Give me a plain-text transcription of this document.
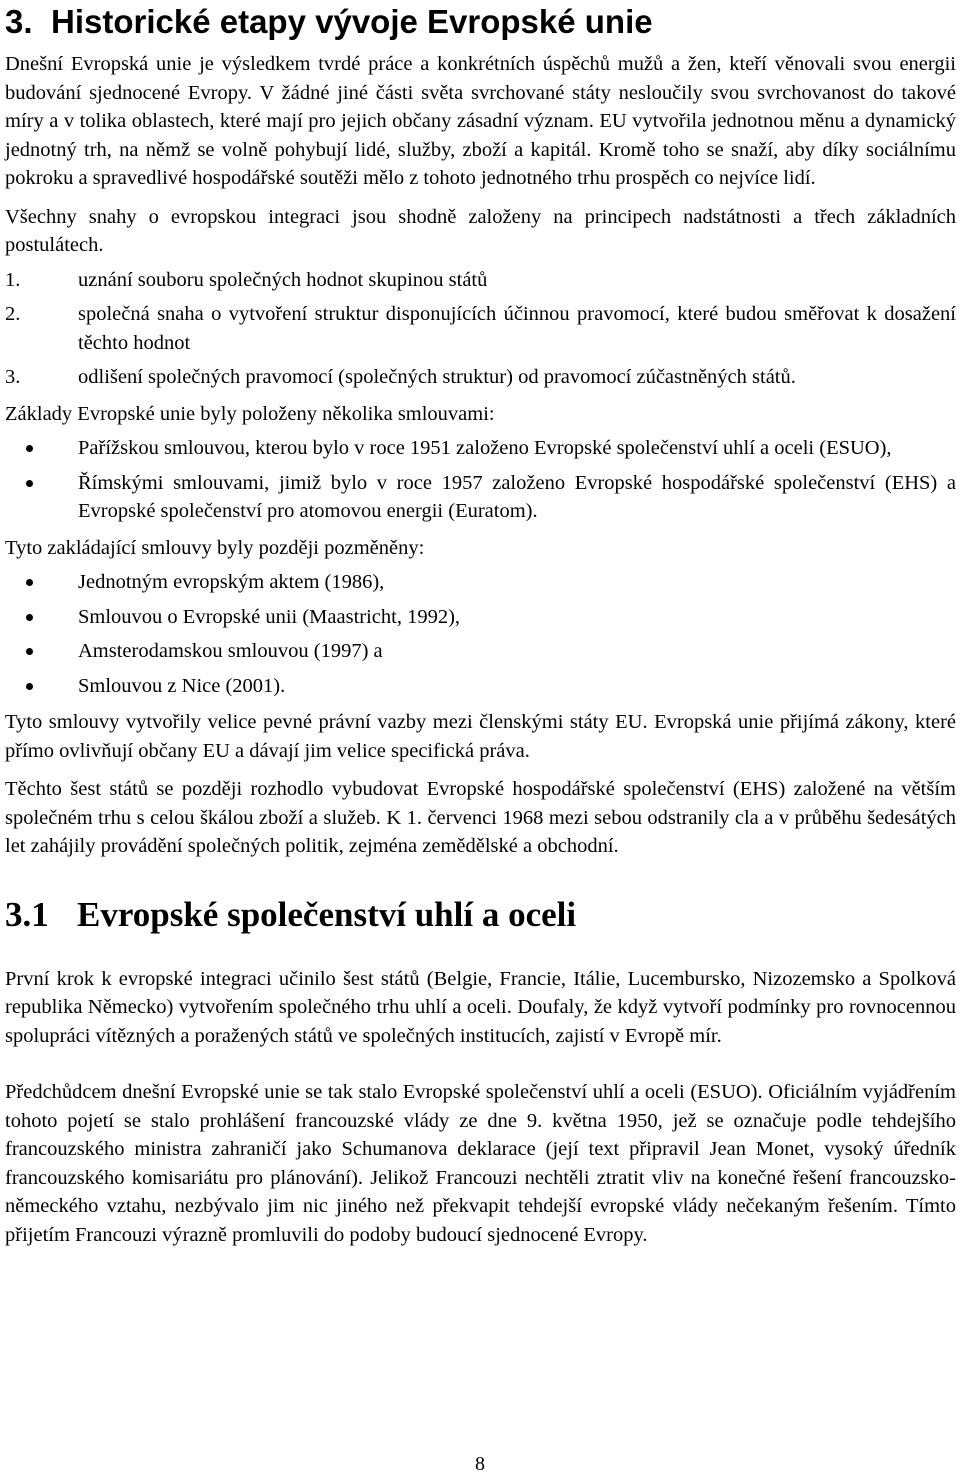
3. Historické etapy vývoje Evropské unie

Dnešní Evropská unie je výsledkem tvrdé práce a konkrétních úspěchů mužů a žen, kteří věnovali svou energii budování sjednocené Evropy. V žádné jiné části světa svrchované státy nesloučily svou svrchovanost do takové míry a v tolika oblastech, které mají pro jejich občany zásadní význam. EU vytvořila jednotnou měnu a dynamický jednotný trh, na němž se volně pohybují lidé, služby, zboží a kapitál. Kromě toho se snaží, aby díky sociálnímu pokroku a spravedlivé hospodářské soutěži mělo z tohoto jednotného trhu prospěch co nejvíce lidí.

Všechny snahy o evropskou integraci jsou shodně založeny na principech nadstátnosti a třech základních postulátech.

1.	uznání souboru společných hodnot skupinou států
2.	společná snaha o vytvoření struktur disponujících účinnou pravomocí, které budou směřovat k dosažení těchto hodnot
3.	odlišení společných pravomocí (společných struktur) od pravomocí zúčastněných států.

Základy Evropské unie byly položeny několika smlouvami:

Pařížskou smlouvou, kterou bylo v roce 1951 založeno Evropské společenství uhlí a oceli (ESUO),
Římskými smlouvami, jimiž bylo v roce 1957 založeno Evropské hospodářské společenství (EHS) a Evropské společenství pro atomovou energii (Euratom).

Tyto zakládající smlouvy byly později pozměněny:

Jednotným evropským aktem (1986),
Smlouvou o Evropské unii (Maastricht, 1992),
Amsterodamskou smlouvou (1997) a
Smlouvou z Nice (2001).

Tyto smlouvy vytvořily velice pevné právní vazby mezi členskými státy EU. Evropská unie přijímá zákony, které přímo ovlivňují občany EU a dávají jim velice specifická práva.

Těchto šest států se později rozhodlo vybudovat Evropské hospodářské společenství (EHS) založené na větším společném trhu s celou škálou zboží a služeb. K 1. červenci 1968 mezi sebou odstranily cla a v průběhu šedesátých let zahájily provádění společných politik, zejména zemědělské a obchodní.

3.1 Evropské společenství uhlí a oceli

První krok k evropské integraci učinilo šest států (Belgie, Francie, Itálie, Lucembursko, Nizozemsko a Spolková republika Německo) vytvořením společného trhu uhlí a oceli. Doufaly, že když vytvoří podmínky pro rovnocennou spolupráci vítězných a poražených států ve společných institucích, zajistí v Evropě mír.

Předchůdcem dnešní Evropské unie se tak stalo Evropské společenství uhlí a oceli (ESUO). Oficiálním vyjádřením tohoto pojetí se stalo prohlášení francouzské vlády ze dne 9. května 1950, jež se označuje podle tehdejšího francouzského ministra zahraničí jako Schumanova deklarace (její text připravil Jean Monet, vysoký úředník francouzského komisariátu pro plánování). Jelikož Francouzi nechtěli ztratit vliv na konečné řešení francouzsko-německého vztahu, nezbývalo jim nic jiného než překvapit tehdejší evropské vlády nečekaným řešením. Tímto přijetím Francouzi výrazně promluvili do podoby budoucí sjednocené Evropy.

8
